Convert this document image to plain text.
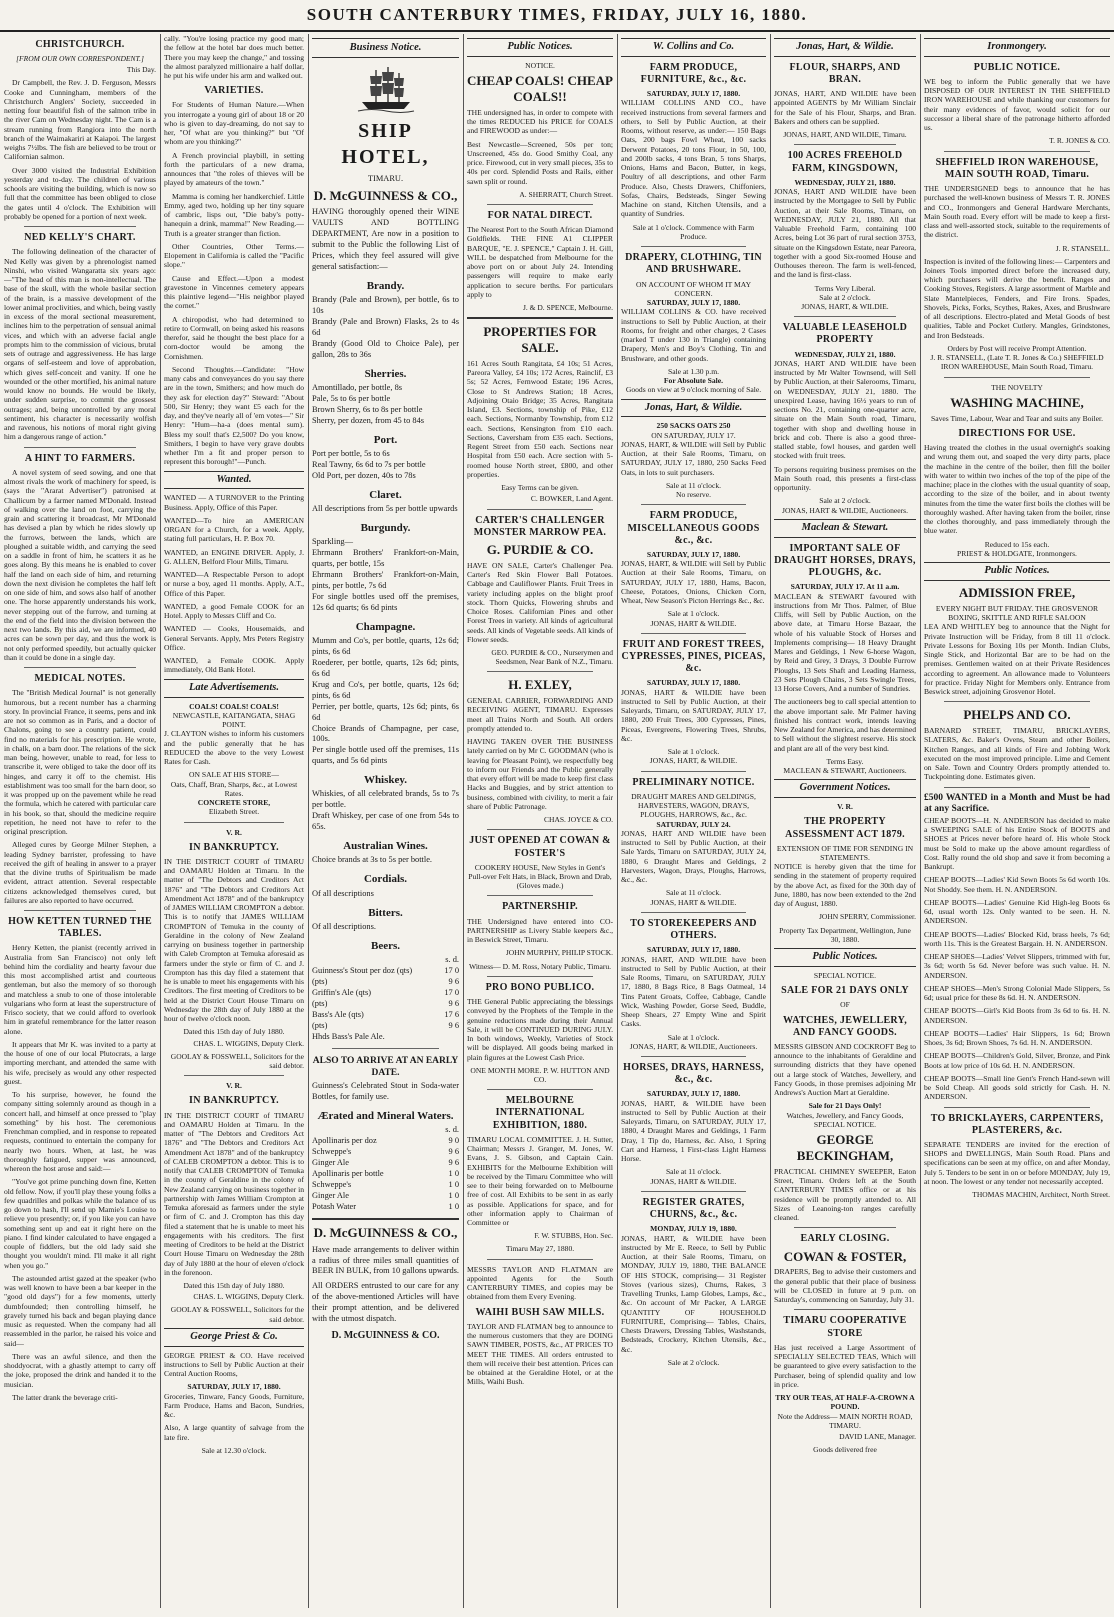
SOUTH CANTERBURY TIMES, FRIDAY, JULY 16, 1880.
CHRISTCHURCH.
[FROM OUR OWN CORRESPONDENT.]
This Day.

Dr Campbell, the Rev. J. D. Ferguson, Messrs Cooke and Cunningham, members of the Christchurch Anglers' Society, succeeded in netting four beautiful fish of the salmon tribe in the river Cam on Wednesday night. The Cam is a stream running from Rangiora into the north branch of the Waimakariri at Kaiapoi. The largest weighs 7½lbs. The fish are believed to be trout or Californian salmon.

Over 3000 visited the Industrial Exhibition yesterday and to-day. The children of various schools are visiting the building, which is now so full that the committee has been obliged to close the gates until 4 o'clock. The Exhibition will probably be opened for a portion of next week.

NED KELLY'S CHART.

The following delineation of the character of Ned Kelly was given by a phrenologist named Ninshi, who visited Wangaratta six years ago:—"The head of this man is non-intellectual. The base of the skull, with the whole basilar section of the brain, is a massive development of the lower animal proclivities, and which, being vastly in excess of the moral sectional measurement, inclines him to the perpetration of sensual animal vices, and which with an adverse facial angle prompts him to the commission of vicious, brutal sets of outrage and aggressiveness. He has large organs of self-esteem and love of approbation, which gives self-conceit and vanity. If one he wounded or the other mortified, his animal nature would know no bounds. He would be likely, under sudden surprise, to commit the grossest outrages; and, being uncontrolled by any moral sentiment, his character is necessarily wolfish and ravenous, his notions of moral right giving him a dangerous range of action."

A HINT TO FARMERS.

A novel system of seed sowing, and one that almost rivals the work of machinery for speed, is (says the "Ararat Advertiser") patronised at Challicum by a farmer named M'Donald. Instead of walking over the land on foot, carrying the grain and scattering it broadcast, Mr M'Donald has devised a plan by which he rides slowly up the furrows, between the lands, which are ploughed a suitable width, and carrying the seed on a saddle in front of him, he scatters it as he goes along. By this means he is enabled to cover half the land on each side of him, and returning down the next division he completes the half left on one side of him, and sows also half of another one. The horse apparently understands his work, never stepping out of the furrow, and turning at the end of the field into the division between the next two lands. By this aid, we are informed, 40 acres can be sown per day, and thus the work is not only performed speedily, but actually quicker than it could be done in a single day.

MEDICAL NOTES.

The "British Medical Journal" is not generally humorous, but a recent number has a charming story. In provincial France, it seems, pens and ink are not so common as in Paris, and a doctor of Chalons, going to see a country patient, could find no materials for his prescription. He wrote, in chalk, on a barn door. The relations of the sick man being, however, unable to read, for less to transcribe it, were obliged to take the door off its hinges, and carry it off to the chemist. His establishment was too small for the barn door, so it was propped up on the pavement while he read the formula, which he catered with particular care in his book, so that, should the medicine require repetition, he need not have to refer to the original prescription.

Alleged cures by George Milner Stephen, a leading Sydney barrister, professing to have received the gift of healing in answer to a prayer that the divine truths of Spiritualism be made evident, attract attention. Several respectable citizens acknowledged themselves cured, but failures are also reported to have occurred.

HOW KETTEN TURNED THE TABLES.

Henry Ketten, the pianist (recently arrived in Australia from San Francisco) not only left behind him the cordiality and hearty favour due this most accomplished artist and courteous gentleman, but also the memory of so thorough and matchless a snub to one of those intolerable vulgarians who form at least the superstructure of Frisco society, that we could afford to overlook him in grateful remembrance for the latter reason alone.

It appears that Mr K. was invited to a party at the house of one of our local Plutocrats, a large importing merchant, and attended the same with his wife, precisely as would any other respected guest.

To his surprise, however, he found the company sitting solemnly around as though in a concert hall, and himself at once pressed to "play something" by his host. The ceremonious Frenchman complied, and in response to repeated requests, continued to entertain the company for nearly two hours. When, at last, he was thoroughly fatigued, supper was announced, whereon the host arose and said:—

"You've got prime punching down fine, Ketten old fellow. Now, if you'll play these young folks a few quadrilles and polkas while the balance of us go down to hash, I'll send up Mamie's Louise to relieve you presently; or, if you like you can have something sent up and eat it right here on the piano. I find kinder calculated to have engaged a couple of fiddlers, but the old lady said she thought you wouldn't mind. I'll make it all right when you go."

The astounded artist gazed at the speaker (who was well known to have been a bar keeper in the "good old days") for a few moments, utterly dumbfounded; then controlling himself, he gravely turned his back and began playing dance music as requested. When the company had all reassembled in the parlor, he raised his voice and said—

There was an awful silence, and then the shoddyocrat, with a ghastly attempt to carry off the joke, proposed the drink and handed it to the musician.

The latter drank the beverage criti-

cally. "You're losing practice my good man; the fellow at the hotel bar does much better. There you may keep the change," and tossing the almost paralyzed millionaire a half dollar, he put his wife under his arm and walked out.

VARIETIES.

For Students of Human Nature.—When you interrogate a young girl of about 18 or 20 who is given to day-dreaming, do not say to her, "Of what are you thinking?" but "Of whom are you thinking?"

A French provincial playbill, in setting forth the particulars of a new drama, announces that "the roles of thieves will be played by amateurs of the town."

Mamma is coming her handkerchief. Little Emmy, aged two, holding up her tiny square of cambric, lisps out, "Die baby's potty-hanequin a drink, mamma!" New Reading.—Truth is a greater stranger than fiction.

Other Countries, Other Terms.—Elopement in California is called the "Pacific slope."

Cause and Effect.—Upon a modest gravestone in Vincennes cemetery appears this plaintive legend—"His neighbor played the cornet."

A chiropodist, who had determined to retire to Cornwall, on being asked his reasons therefor, said he thought the best place for a corn-doctor would be among the Cornishmen.

Second Thoughts.—Candidate: "How many cabs and conveyances do you say there are in the town, Smithers; and how much do they ask for election day?" Steward: "About 500, Sir Henry; they want £5 each for the day, and they've nearly all of 'em votes—" Sir Henry: "Hum—ha-a (does mental sum). Bless my soul! that's £2,500? Do you know, Smithers, I begin to have very grave doubts whether I'm a fit and proper person to represent this borough!"—Punch.

Wanted.

WANTED — A TURNOVER to the Printing Business. Apply, Office of this Paper.

WANTED—To hire an AMERICAN ORGAN for a Church, for a week. Apply, stating full particulars, H. P. Box 70.

WANTED, an ENGINE DRIVER. Apply, J. G. ALLEN, Belford Flour Mills, Timaru.

WANTED—A Respectable Person to adopt or nurse a boy, aged 11 months. Apply, A.T., Office of this Paper.

WANTED, a good Female COOK for an Hotel. Apply to Messrs Cliff and Co.

WANTED — Cooks, Housemaids, and General Servants. Apply, Mrs Peters Registry Office.

WANTED, a Female COOK. Apply immediately, Old Bank Hotel.

Late Advertisements.
COALS! COALS! COALS!
NEWCASTLE, KAITANGATA, SHAG POINT.

J. CLAYTON wishes to inform his customers and the public generally that he has REDUCED the above to the very Lowest Rates for Cash.

ON SALE AT HIS STORE—
Oats, Chaff, Bran, Sharps, &c., at Lowest Rates.
CONCRETE STORE,
Elizabeth Street.
V. R.
IN BANKRUPTCY.

IN THE DISTRICT COURT of TIMARU and OAMARU Holden at Timaru. In the matter of "The Debtors and Creditors Act 1876" and "The Debtors and Creditors Act Amendment Act 1878" and of the bankruptcy of JAMES WILLIAM CROMPTON a debtor. This is to notify that JAMES WILLIAM CROMPTON of Temuka in the county of Geraldine in the colony of New Zealand carrying on business together in partnership with Caleb Crompton at Temuka aforesaid as farmers under the style or firm of C. and J. Crompton has this day filed a statement that he is unable to meet his engagements with his Creditors. The first meeting of Creditors to be held at the District Court House Timaru on Wednesday the 28th day of July 1880 at the hour of twelve o'clock noon.

Dated this 15th day of July 1880.
CHAS. L. WIGGINS, Deputy Clerk.
GOOLAY & FOSSWELL, Solicitors for the said debtor.
V. R.
IN BANKRUPTCY.

IN THE DISTRICT COURT of TIMARU and OAMARU Holden at Timaru. In the matter of "The Debtors and Creditors Act 1876" and "The Debtors and Creditors Act Amendment Act 1878" and of the bankruptcy of CALEB CROMPTON a debtor. This is to notify that CALEB CROMPTON of Temuka in the county of Geraldine in the colony of New Zealand carrying on business together in partnership with James William Crompton at Temuka aforesaid as farmers under the style or firm of C. and J. Crompton has this day filed a statement that he is unable to meet his engagements with his creditors. The first meeting of Creditors to be held at the District Court House Timaru on Wednesday the 28th day of July 1880 at the hour of eleven o'clock in the forenoon.

Dated this 15th day of July 1880.
CHAS. L. WIGGINS, Deputy Clerk.
GOOLAY & FOSSWELL, Solicitors for the said debtor.
George Priest & Co.

GEORGE PRIEST & CO. Have received instructions to Sell by Public Auction at their Central Auction Rooms,

SATURDAY, JULY 17, 1880.

Groceries, Tinware, Fancy Goods, Furniture, Farm Produce, Hams and Bacon, Sundries, &c.

Also, A large quantity of salvage from the late fire.

Sale at 12.30 o'clock.
Business Notice.
SHIP HOTEL,
TIMARU.
D. McGUINNESS & CO.,

HAVING thoroughly opened their WINE VAULTS AND BOTTLING DEPARTMENT, Are now in a position to submit to the Public the following List of Prices, which they feel assured will give general satisfaction:—

Brandy.
Brandy (Pale and Brown), per bottle, 6s to 10s
Brandy (Pale and Brown) Flasks, 2s to 4s 6d
Brandy (Good Old to Choice Pale), per gallon, 28s to 36s
Sherries.
Amontillado, per bottle, 8s
Pale, 5s to 6s per bottle
Brown Sherry, 6s to 8s per bottle
Sherry, per dozen, from 45 to 84s
Port.
Port per bottle, 5s to 6s
Real Tawny, 6s 6d to 7s per bottle
Old Port, per dozen, 40s to 78s
Claret.
All descriptions from 5s per bottle upwards
Burgundy.
Sparkling—
Ehrmann Brothers' Frankfort-on-Main, quarts, per bottle, 15s
Ehrmann Brothers' Frankfort-on-Main, pints, per bottle, 7s 6d
For single bottles used off the premises, 12s 6d quarts; 6s 6d pints
Champagne.
Mumm and Co's, per bottle, quarts, 12s 6d; pints, 6s 6d
Roederer, per bottle, quarts, 12s 6d; pints, 6s 6d
Krug and Co's, per bottle, quarts, 12s 6d; pints, 6s 6d
Perrier, per bottle, quarts, 12s 6d; pints, 6s 6d
Choice Brands of Champagne, per case, 100s.
Per single bottle used off the premises, 11s quarts, and 5s 6d pints
Whiskey.
Whiskies, of all celebrated brands, 5s to 7s per bottle.
Draft Whiskey, per case of one from 54s to 65s.
Australian Wines.
Choice brands at 3s to 5s per bottle.
Cordials.
Of all descriptions
Bitters.
Of all descriptions.
Beers.
s. d.
Guinness's Stout per doz (qts)	17 0
(pts)	9 6
Griffin's Ale (qts)	17 0
(pts)	9 6
Bass's Ale (qts)	17 6
(pts)	9 6
Hhds Bass's Pale Ale.
ALSO TO ARRIVE AT AN EARLY DATE.

Guinness's Celebrated Stout in Soda-water Bottles, for family use.

Ærated and Mineral Waters.
s. d.
Apollinaris per doz	9 0
Schweppe's	9 6
Ginger Ale	9 6
Apollinaris per bottle	1 0
Schweppe's	1 0
Ginger Ale	1 0
Potash Water	1 0
D. McGUINNESS & CO.,

Have made arrangements to deliver within a radius of three miles small quantities of BEER IN BULK, from 10 gallons upwards.

All ORDERS entrusted to our care for any of the above-mentioned Articles will have their prompt attention, and be delivered with the utmost dispatch.

D. McGUINNESS & CO.
Public Notices.
NOTICE.
CHEAP COALS! CHEAP COALS!!

THE undersigned has, in order to compete with the times REDUCED his PRICE for COALS and FIREWOOD as under:—

Best Newcastle—Screened, 50s per ton; Unscreened, 45s do. Good Smithy Coal, any price. Firewood, cut in very small pieces, 35s to 40s per cord. Splendid Posts and Rails, either sawn split or round.

A. SHERRATT, Church Street.
FOR NATAL DIRECT.

The Nearest Port to the South African Diamond Goldfields. THE FINE A1 CLIPPER BARQUE, "E. J. SPENCE," Captain J. H. Gill, WILL be despatched from Melbourne for the above port on or about July 24. Intending passengers will require to make early application to secure berths. For particulars apply to

J. & D. SPENCE, Melbourne.
PROPERTIES FOR SALE.

161 Acres South Rangitata, £4 10s; 51 Acres, Pareora Valley, £4 10s; 172 Acres, Rainclif, £3 5s; 52 Acres, Fernwood Estate; 196 Acres, Close to St Andrews Station; 18 Acres, Adjoining Otaio Bridge; 35 Acres, Rangitata Island, £3. Sections, township of Pike, £12 each. Sections, Normanby Township, from £12 each. Sections, Kensington from £10 each. Sections, Caversham from £35 each. Sections, Regent Street from £50 each. Sections near Hospital from £50 each. Acre section with 5-roomed house North street, £800, and other properties.

Easy Terms can be given.
C. BOWKER, Land Agent.
CARTER'S CHALLENGER MONSTER MARROW PEA.
G. PURDIE & CO.

HAVE ON SALE, Carter's Challenger Pea. Carter's Red Skin Flower Ball Potatoes. Cabbage and Cauliflower Plants. Fruit Trees in variety including apples on the blight proof stock. Thorn Quicks, Flowering shrubs and Choice Roses. Californian Pines and other Forest Trees in variety. All kinds of agricultural seeds. All kinds of Vegetable seeds. All kinds of Flower seeds.

GEO. PURDIE & CO., Nurserymen and Seedsmen, Near Bank of N.Z., Timaru.
H. EXLEY,

GENERAL CARRIER, FORWARDING AND RECEIVING AGENT, TIMARU. Expresses meet all Trains North and South. All orders promptly attended to.

HAVING TAKEN OVER THE BUSINESS lately carried on by Mr C. GOODMAN (who is leaving for Pleasant Point), we respectfully beg to inform our Friends and the Public generally that every effort will be made to keep first class Hacks and Buggies, and by strict attention to business, combined with civility, to merit a fair share of Public Patronage.

CHAS. JOYCE & CO.
JUST OPENED AT COWAN & FOSTER'S

COOKERY HOUSE, New Styles in Gent's Pull-over Felt Hats, in Black, Brown and Drab, (Gloves made.)

PARTNERSHIP.

THE Undersigned have entered into CO-PARTNERSHIP as Livery Stable keepers &c., in Beswick Street, Timaru.

JOHN MURPHY, PHILIP STOCK.
Witness— D. M. Ross, Notary Public, Timaru.
PRO BONO PUBLICO.

THE General Public appreciating the blessings conveyed by the Prophets of the Temple in the genuine reductions made during their Annual Sale, it will be CONTINUED DURING JULY. In both windows, Weekly, Varieties of Stock will be displayed. All goods being marked in plain figures at the Lowest Cash Price.

ONE MONTH MORE. P. W. HUTTON AND CO.
MELBOURNE INTERNATIONAL EXHIBITION, 1880.

TIMARU LOCAL COMMITTEE. J. H. Sutter, Chairman; Messrs J. Granger, M. Jones, W. Evans, J. S. Gibson, and Captain Cain. EXHIBITS for the Melbourne Exhibition will be received by the Timaru Committee who will see to their being forwarded on to Melbourne free of cost. All Exhibits to be sent in as early as possible. Applications for space, and for other information apply to Chairman of Committee or

F. W. STUBBS, Hon. Sec.
Timaru May 27, 1880.

MESSRS TAYLOR AND FLATMAN are appointed Agents for the South CANTERBURY TIMES, and copies may be obtained from them Every Evening.

WAIHI BUSH SAW MILLS.

TAYLOR AND FLATMAN beg to announce to the numerous customers that they are DOING SAWN TIMBER, POSTS, &c., AT PRICES TO MEET THE TIMES. All orders entrusted to them will receive their best attention. Prices can be obtained at the Geraldine Hotel, or at the Mills, Waihi Bush.

W. Collins and Co.
FARM PRODUCE, FURNITURE, &c., &c.
SATURDAY, JULY 17, 1880.

WILLIAM COLLINS AND CO., have received instructions from several farmers and others, to Sell by Public Auction, at their Rooms, without reserve, as under:— 150 Bags Oats, 200 bags Fowl Wheat, 100 sacks Derwent Potatoes, 20 tons Flour, in 50, 100, and 200lb sacks, 4 tons Bran, 5 tons Sharps, Onions, Hams and Bacon, Butter, in kegs, Poultry of all descriptions, and other Farm Produce. Also, Chests Drawers, Chiffoniers, Sofas, Chairs, Bedsteads, Singer Sewing Machine on stand, Kitchen Utensils, and a quantity of Sundries.

Sale at 1 o'clock. Commence with Farm Produce.
DRAPERY, CLOTHING, TIN AND BRUSHWARE.
ON ACCOUNT OF WHOM IT MAY CONCERN.
SATURDAY, JULY 17, 1880.

WILLIAM COLLINS & CO. have received instructions to Sell by Public Auction, at their Rooms, for freight and other charges, 2 Cases (marked T under 130 in Triangle) containing Drapery, Men's and Boy's Clothing, Tin and Brushware, and other goods.

Sale at 1.30 p.m.
For Absolute Sale.
Goods on view at 9 o'clock morning of Sale.
Jonas, Hart, & Wildie.
250 SACKS OATS 250
ON SATURDAY, JULY 17.

JONAS, HART, & WILDIE will Sell by Public Auction, at their Sale Rooms, Timaru, on SATURDAY, JULY 17, 1880, 250 Sacks Feed Oats, in lots to suit purchasers.

Sale at 11 o'clock.
No reserve.
FARM PRODUCE, MISCELLANEOUS GOODS &c., &c.
SATURDAY, JULY 17, 1880.

JONAS, HART, & WILDIE will Sell by Public Auction at their Sale Rooms, Timaru, on SATURDAY, JULY 17, 1880, Hams, Bacon, Cheese, Potatoes, Onions, Chicken Corn, Wheat, New Season's Picton Herrings &c., &c.

Sale at 1 o'clock.
JONAS, HART & WILDIE.
FRUIT AND FOREST TREES, CYPRESSES, PINES, PICEAS, &c.
SATURDAY, JULY 17, 1880.

JONAS, HART & WILDIE have been instructed to Sell by Public Auction, at their Saleyards, Timaru, on SATURDAY, JULY 17, 1880, 200 Fruit Trees, 300 Cypresses, Pines, Piceas, Evergreens, Flowering Trees, Shrubs, &c.

Sale at 1 o'clock.
JONAS, HART, & WILDIE.
PRELIMINARY NOTICE.
DRAUGHT MARES AND GELDINGS, HARVESTERS, WAGON, DRAYS, PLOUGHS, HARROWS, &c., &c.
SATURDAY, JULY 24.

JONAS, HART AND WILDIE have been instructed to Sell by Public Auction, at their Sale Yards, Timaru on SATURDAY, JULY 24, 1880, 6 Draught Mares and Geldings, 2 Harvesters, Wagon, Drays, Ploughs, Harrows, &c., &c.

Sale at 11 o'clock.
JONAS, HART & WILDIE.
TO STOREKEEPERS AND OTHERS.
SATURDAY, JULY 17, 1880.

JONAS, HART, AND WILDIE have been instructed to Sell by Public Auction, at their Sale Rooms, Timaru, on SATURDAY, JULY 17, 1880, 8 Bags Rice, 8 Bags Oatmeal, 14 Tins Patent Groats, Coffee, Cabbage, Candle Wick, Washing Powder, Gorse Seed, Buddle, Sheep Shears, 27 Empty Wine and Spirit Casks.

Sale at 1 o'clock.
JONAS, HART, & WILDIE, Auctioneers.
HORSES, DRAYS, HARNESS, &c., &c.
SATURDAY, JULY 17, 1880.

JONAS, HART, & WILDIE have been instructed to Sell by Public Auction at their Saleyards, Timaru, on SATURDAY, JULY 17, 1880, 4 Draught Mares and Geldings, 1 Farm Dray, 1 Tip do, Harness, &c. Also, 1 Spring Cart and Harness, 1 First-class Light Harness Horse.

Sale at 11 o'clock.
JONAS, HART & WILDIE.
REGISTER GRATES, CHURNS, &c., &c.
MONDAY, JULY 19, 1880.

JONAS, HART, & WILDIE have been instructed by Mr E. Reece, to Sell by Public Auction, at their Sale Rooms, Timaru, on MONDAY, JULY 19, 1880, THE BALANCE OF HIS STOCK, comprising— 31 Register Stoves (various sizes), Churns, Rakes, 3 Travelling Trunks, Lamp Globes, Lamps, &c., &c. On account of Mr Packer, A LARGE QUANTITY OF HOUSEHOLD FURNITURE, Comprising— Tables, Chairs, Chests Drawers, Dressing Tables, Washstands, Bedsteads, Crockery, Kitchen Utensils, &c., &c.

Sale at 2 o'clock.
Jonas, Hart, & Wildie.
FLOUR, SHARPS, AND BRAN.

JONAS, HART, AND WILDIE have been appointed AGENTS by Mr William Sinclair for the Sale of his Flour, Sharps, and Bran. Bakers and others can be supplied.

JONAS, HART, AND WILDIE, Timaru.
100 ACRES FREEHOLD FARM, KINGSDOWN,
WEDNESDAY, JULY 21, 1880.

JONAS, HART AND WILDIE have been instructed by the Mortgagee to Sell by Public Auction, at their Sale Rooms, Timaru, on WEDNESDAY, JULY 21, 1880. All that Valuable Freehold Farm, containing 100 Acres, being Lot 36 part of rural section 3753, situate on the Kingsdown Estate, near Pareora, together with a good Six-roomed House and Outhouses thereon. The farm is well-fenced, and the land is first-class.

Terms Very Liberal.
Sale at 2 o'clock.
JONAS, HART, & WILDIE.
VALUABLE LEASEHOLD PROPERTY
WEDNESDAY, JULY 21, 1880.

JONAS, HART AND WILDIE have been instructed by Mr Walter Townsend, will Sell by Public Auction, at their Salerooms, Timaru, on WEDNESDAY, JULY 21, 1880. The unexpired Lease, having 16½ years to run of sections No. 21, containing one-quarter acre, situate on the Main South road, Timaru, together with shop and dwelling house in brick and cob. There is also a good three-stalled stable, fowl houses, and garden well stocked with fruit trees.

To persons requiring business premises on the Main South road, this presents a first-class opportunity.

Sale at 2 o'clock.
JONAS, HART & WILDIE, Auctioneers.
Maclean & Stewart.
IMPORTANT SALE OF DRAUGHT HORSES, DRAYS, PLOUGHS, &c.
SATURDAY, JULY 17. At 11 a.m.

MACLEAN & STEWART favoured with instructions from Mr Thos. Palmer, of Blue Cliffs, will Sell by Public Auction, on the above date, at Timaru Horse Bazaar, the whole of his valuable Stock of Horses and Implements comprising— 18 Heavy Draught Mares and Geldings, 1 New 6-horse Wagon, by Reid and Grey, 3 Drays, 3 Double Furrow Ploughs, 13 Sets Shaft and Leading Harness, 23 Sets Plough Chains, 3 Sets Swingle Trees, 13 Horse Covers, And a number of Sundries.

The auctioneers beg to call special attention to the above important sale. Mr Palmer having finished his contract work, intends leaving New Zealand for America, and has determined to Sell without the slightest reserve. His stock and plant are all of the very best kind.

Terms Easy.
MACLEAN & STEWART, Auctioneers.
Government Notices.
V. R.
THE PROPERTY ASSESSMENT ACT 1879.
EXTENSION OF TIME FOR SENDING IN STATEMENTS.

NOTICE is hereby given that the time for sending in the statement of property required by the above Act, as fixed for the 30th day of June, 1880, has now been extended to the 2nd day of August, 1880.

JOHN SPERRY, Commissioner.
Property Tax Department, Wellington, June 30, 1880.
Public Notices.
SPECIAL NOTICE.
SALE FOR 21 DAYS ONLY
OF
WATCHES, JEWELLERY, AND FANCY GOODS.

MESSRS GIBSON AND COCKROFT Beg to announce to the inhabitants of Geraldine and surrounding districts that they have opened out a large stock of Watches, Jewellery, and Fancy Goods, in those premises adjoining Mr Andrews's Auction Mart at Geraldine.

Sale for 21 Days Only!
Watches, Jewellery, and Fancy Goods,
SPECIAL NOTICE.
GEORGE BECKINGHAM,

PRACTICAL CHIMNEY SWEEPER, Eaton Street, Timaru. Orders left at the South CANTERBURY TIMES office or at his residence will be promptly attended to. All Sizes of Leanoing-ton ranges carefully cleaned.

EARLY CLOSING.
COWAN & FOSTER,

DRAPERS, Beg to advise their customers and the general public that their place of business will be CLOSED in future at 9 p.m. on Saturday's, commencing on Saturday, July 31.

TIMARU COOPERATIVE STORE

Has just received a Large Assortment of SPECIALLY SELECTED TEAS, Which will be guaranteed to give every satisfaction to the Purchaser, being of splendid quality and low in price.

TRY OUR TEAS, AT HALF-A-CROWN A POUND.
Note the Address— MAIN NORTH ROAD, TIMARU.
DAVID LANE, Manager.
Goods delivered free
Ironmongery.
PUBLIC NOTICE.

WE beg to inform the Public generally that we have DISPOSED OF OUR INTEREST IN THE SHEFFIELD IRON WAREHOUSE and while thanking our customers for their many evidences of favor, would solicit for our successor a liberal share of the patronage hitherto afforded us.

T. R. JONES & CO.
SHEFFIELD IRON WAREHOUSE, MAIN SOUTH ROAD, Timaru.

THE UNDERSIGNED begs to announce that he has purchased the well-known business of Messrs T. R. JONES and CO., Ironmongers and General Hardware Merchants, Main South road. Every effort will be made to keep a first-class and well-assorted stock, suitable to the requirements of the district.

J. R. STANSELL.

Inspection is invited of the following lines:— Carpenters and Joiners Tools imported direct before the increased duty, which purchasers will derive the benefit. Ranges and Cooking Stoves, Registers. A large assortment of Marble and Slate Mantelpieces, Fenders, and Fire Irons. Spades, Shovels, Picks, Forks, Scythes, Rakes, Axes, and Brushware of all descriptions. Electro-plated and Metal Goods of best qualities, Table and Pocket Cutlery. Mangles, Grindstones, and Iron Bedsteads.

Orders by Post will receive Prompt Attention.
J. R. STANSELL, (Late T. R. Jones & Co.) SHEFFIELD IRON WAREHOUSE, Main South Road, Timaru.
THE NOVELTY
WASHING MACHINE,
Saves Time, Labour, Wear and Tear and suits any Boiler.
DIRECTIONS FOR USE.

Having treated the clothes in the usual overnight's soaking and wrung them out, and soaped the very dirty parts, place the machine in the centre of the boiler, then fill the boiler with water to within two inches of the top of the pipe of the machine; place in the clothes with the usual quantity of soap, according to the size of the boiler, and in about twenty minutes from the time the water first boils the clothes will be thoroughly washed. After having taken from the boiler, rinse the clothes thoroughly, and pass immediately through the blue water.

Reduced to 15s each.
PRIEST & HOLDGATE, Ironmongers.
Public Notices.
ADMISSION FREE,
EVERY NIGHT BUT FRIDAY. THE GROSVENOR BOXING, SKITTLE AND RIFLE SALOON

LEA AND WHITLEY beg to announce that the Night for Private Instruction will be Friday, from 8 till 11 o'clock. Private Lessons for Boxing 10s per Month. Indian Clubs, Single Stick, and Horizontal Bar are to be had on the premises. Gentlemen waited on at their Private Residences according to agreement. An allowance made to Volunteers for practice. Friday Night for Members only. Entrance from Beswick street, adjoining Grosvenor Hotel.

PHELPS AND CO.

BARNARD STREET, TIMARU, BRICKLAYERS, SLATERS, &c. Baker's Ovens, Steam and other Boilers, Kitchen Ranges, and all kinds of Fire and Jobbing Work executed on the most improved principle. Lime and Cement on Sale. Town and Country Orders promptly attended to. Tuckpointing done. Estimates given.

£500 WANTED in a Month and Must be had at any Sacrifice.

CHEAP BOOTS—H. N. ANDERSON has decided to make a SWEEPING SALE of his Entire Stock of BOOTS and SHOES at Prices never before heard of. His whole Stock must be Sold to make up the above amount regardless of Cost. Rally round the old shop and save it from becoming a Bankrupt.

CHEAP BOOTS—Ladies' Kid Sewn Boots 5s 6d worth 10s. Not Shoddy. See them. H. N. ANDERSON.

CHEAP BOOTS—Ladies' Genuine Kid High-leg Boots 6s 6d, usual worth 12s. Only wanted to be seen. H. N. ANDERSON.

CHEAP BOOTS—Ladies' Blocked Kid, brass heels, 7s 6d; worth 11s. This is the Greatest Bargain. H. N. ANDERSON.

CHEAP SHOES—Ladies' Velvet Slippers, trimmed with fur, 3s 6d; worth 5s 6d. Never before was such value. H. N. ANDERSON.

CHEAP SHOES—Men's Strong Colonial Made Slippers, 5s 6d; usual price for these 8s 6d. H. N. ANDERSON.

CHEAP BOOTS—Girl's Kid Boots from 3s 6d to 6s. H. N. ANDERSON.

CHEAP BOOTS—Ladies' Hair Slippers, 1s 6d; Brown Shoes, 3s 6d; Brown Shoes, 7s 6d. H. N. ANDERSON.

CHEAP BOOTS—Children's Gold, Silver, Bronze, and Pink Boots at low price of 10s 6d. H. N. ANDERSON.

CHEAP BOOTS—Small line Gent's French Hand-sewn will be Sold Cheap. All goods sold strictly for Cash. H. N. ANDERSON.

TO BRICKLAYERS, CARPENTERS, PLASTERERS, &c.

SEPARATE TENDERS are invited for the erection of SHOPS and DWELLINGS, Main South Road. Plans and specifications can be seen at my office, on and after Monday, July 5. Tenders to be sent in on or before MONDAY, July 19, at noon. The lowest or any tender not necessarily accepted.

THOMAS MACHIN, Architect, North Street.
